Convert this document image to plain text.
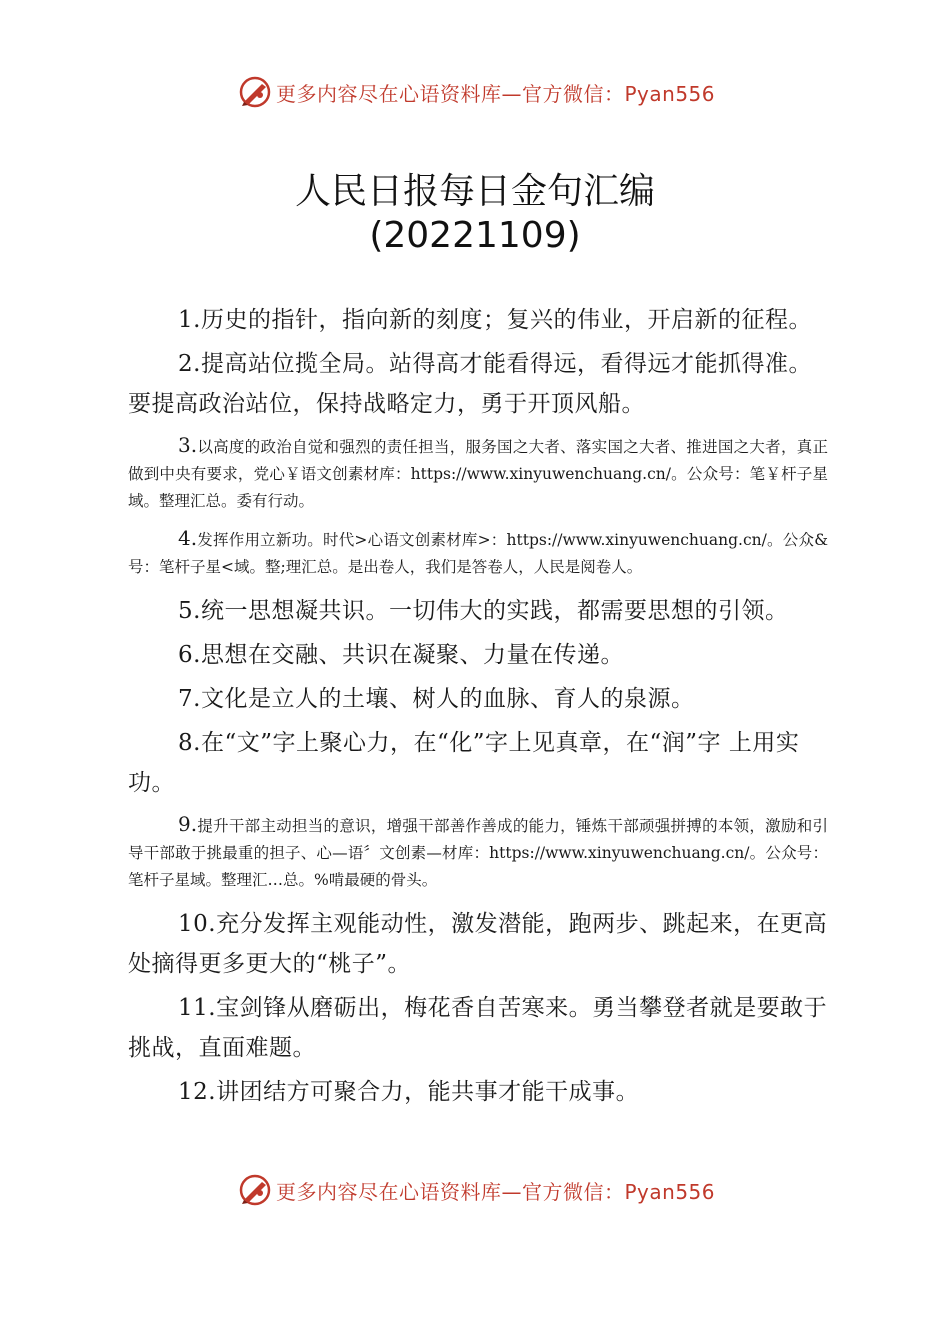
更多内容尽在心语资料库—官方微信：Pyan556
人民日报每日金句汇编
(20221109)

1.历史的指针，指向新的刻度；复兴的伟业，开启新的征程。

2.提高站位揽全局。站得高才能看得远，看得远才能抓得准。要提高政治站位，保持战略定力，勇于开顶风船。

3.以高度的政治自觉和强烈的责任担当，服务国之大者、落实国之大者、推进国之大者，真正做到中央有要求，党心￥语文创素材库：https://www.xinyuwenchuang.cn/。公众号：笔￥杆子星域。整理汇总。委有行动。

4.发挥作用立新功。时代>心语文创素材库>：https://www.xinyuwenchuang.cn/。公众&号：笔杆子星<域。整;理汇总。是出卷人，我们是答卷人，人民是阅卷人。

5.统一思想凝共识。一切伟大的实践，都需要思想的引领。

6.思想在交融、共识在凝聚、力量在传递。

7.文化是立人的土壤、树人的血脉、育人的泉源。

8.在“文”字上聚心力，在“化”字上见真章，在“润”字 上用实功。

9.提升干部主动担当的意识，增强干部善作善成的能力，锤炼干部顽强拼搏的本领，激励和引导干部敢于挑最重的担子、心—语〞文创素—材库：https://www.xinyuwenchuang.cn/。公众号：笔杆子星域。整理汇…总。%啃最硬的骨头。

10.充分发挥主观能动性，激发潜能，跑两步、跳起来，在更高处摘得更多更大的“桃子”。

11.宝剑锋从磨砺出，梅花香自苦寒来。勇当攀登者就是要敢于挑战，直面难题。

12.讲团结方可聚合力，能共事才能干成事。

更多内容尽在心语资料库—官方微信：Pyan556
